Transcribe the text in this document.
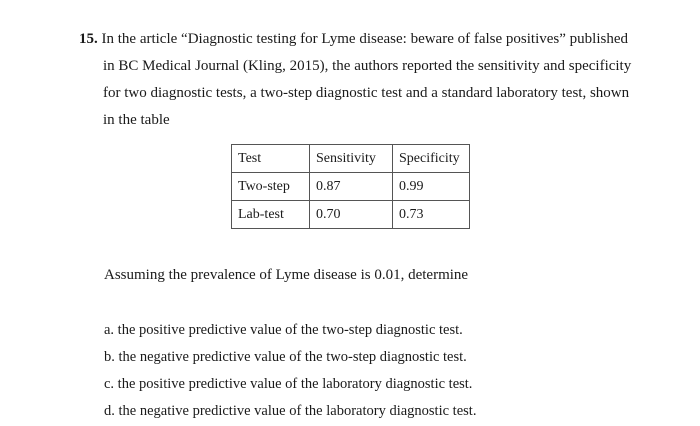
15. In the article “Diagnostic testing for Lyme disease: beware of false positives” published
in BC Medical Journal (Kling, 2015), the authors reported the sensitivity and specificity
for two diagnostic tests, a two-step diagnostic test and a standard laboratory test, shown
in the table
Test	Sensitivity	Specificity
Two-step	0.87	0.99
Lab-test	0.70	0.73
Assuming the prevalence of Lyme disease is 0.01, determine
a. the positive predictive value of the two-step diagnostic test.
b. the negative predictive value of the two-step diagnostic test.
c. the positive predictive value of the laboratory diagnostic test.
d. the negative predictive value of the laboratory diagnostic test.
